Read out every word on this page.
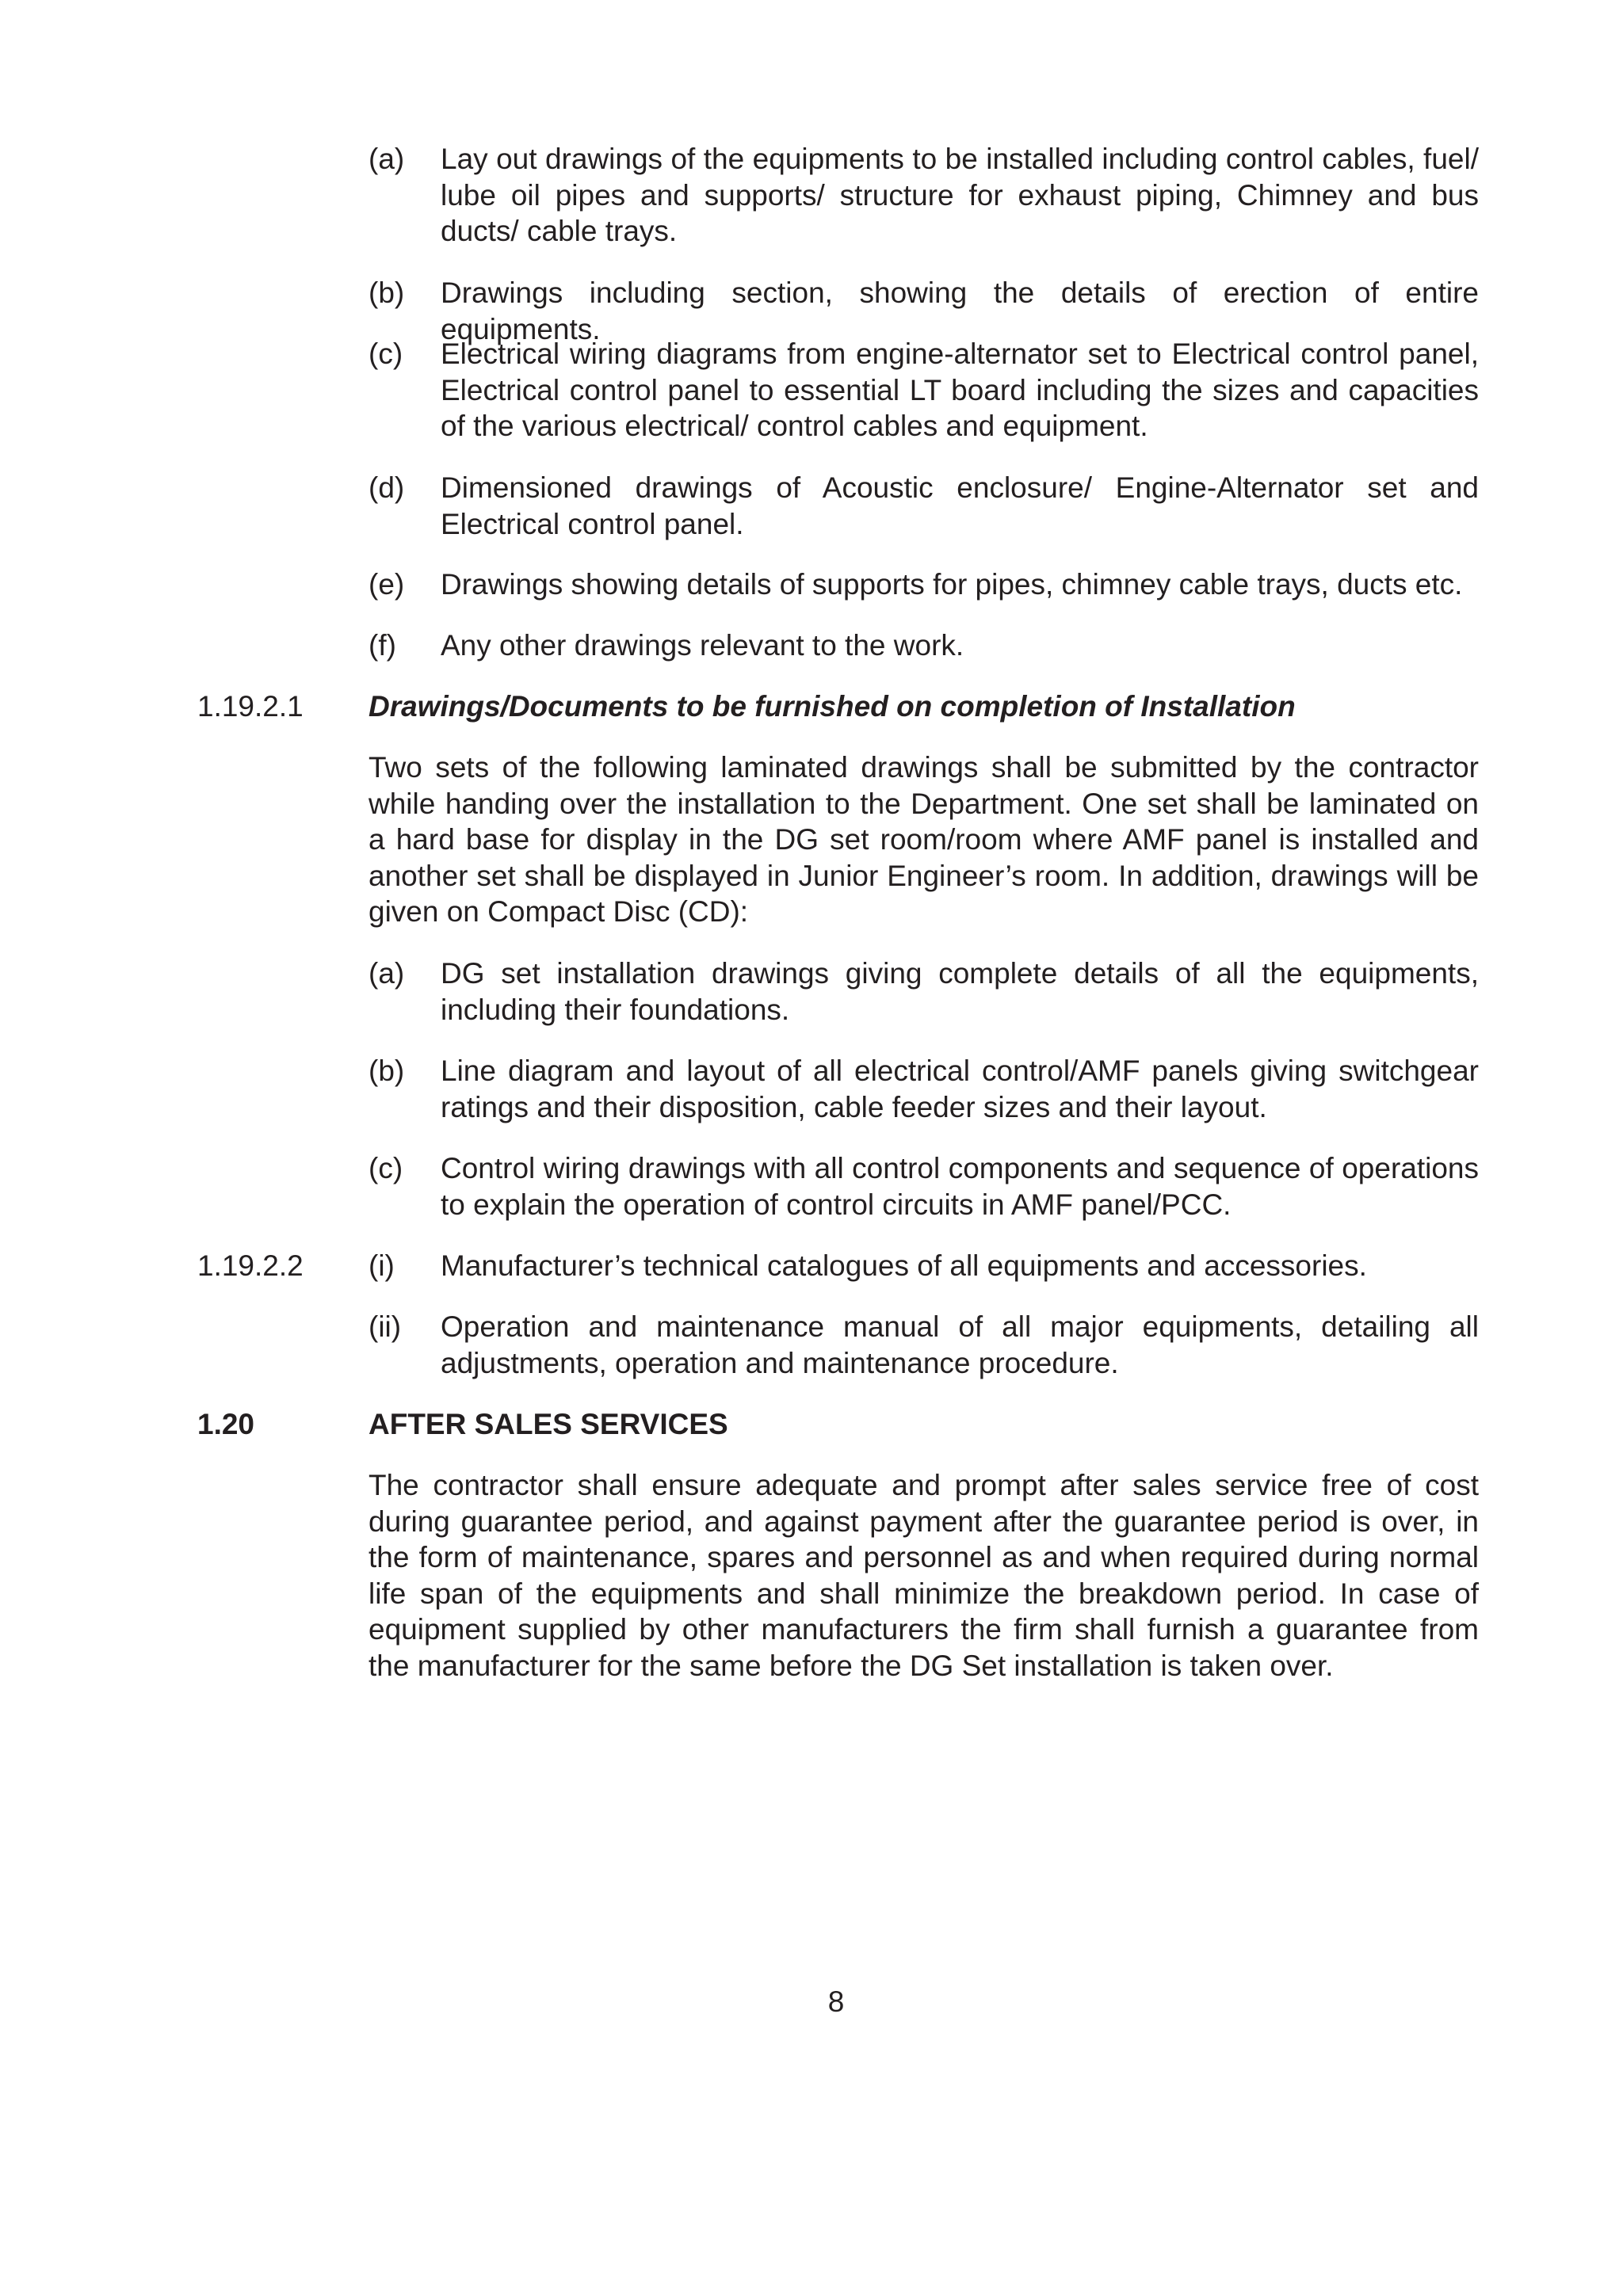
(a) Lay out drawings of the equipments to be installed including control cables, fuel/ lube oil pipes and supports/ structure for exhaust piping, Chimney and bus ducts/ cable trays.
(b) Drawings including section, showing the details of erection of entire equipments.
(c) Electrical wiring diagrams from engine-alternator set to Electrical control panel, Electrical control panel to essential LT board including the sizes and capacities of the various electrical/ control cables and equipment.
(d) Dimensioned drawings of Acoustic enclosure/ Engine-Alternator set and Electrical control panel.
(e) Drawings showing details of supports for pipes, chimney cable trays, ducts etc.
(f) Any other drawings relevant to the work.
1.19.2.1 Drawings/Documents to be furnished on completion of Installation
Two sets of the following laminated drawings shall be submitted by the contractor while handing over the installation to the Department. One set shall be laminated on a hard base for display in the DG set room/room where AMF panel is installed and another set shall be displayed in Junior Engineer’s room. In addition, drawings will be given on Compact Disc (CD):
(a) DG set installation drawings giving complete details of all the equipments, including their foundations.
(b) Line diagram and layout of all electrical control/AMF panels giving switchgear ratings and their disposition, cable feeder sizes and their layout.
(c) Control wiring drawings with all control components and sequence of operations to explain the operation of control circuits in AMF panel/PCC.
1.19.2.2 (i) Manufacturer’s technical catalogues of all equipments and accessories.
(ii) Operation and maintenance manual of all major equipments, detailing all adjustments, operation and maintenance procedure.
1.20	AFTER SALES SERVICES
The contractor shall ensure adequate and prompt after sales service free of cost during guarantee period, and against payment after the guarantee period is over, in the form of maintenance, spares and personnel as and when required during normal life span of the equipments and shall minimize the breakdown period. In case of equipment supplied by other manufacturers the firm shall furnish a guarantee from the manufacturer for the same before the DG Set installation is taken over.
8
